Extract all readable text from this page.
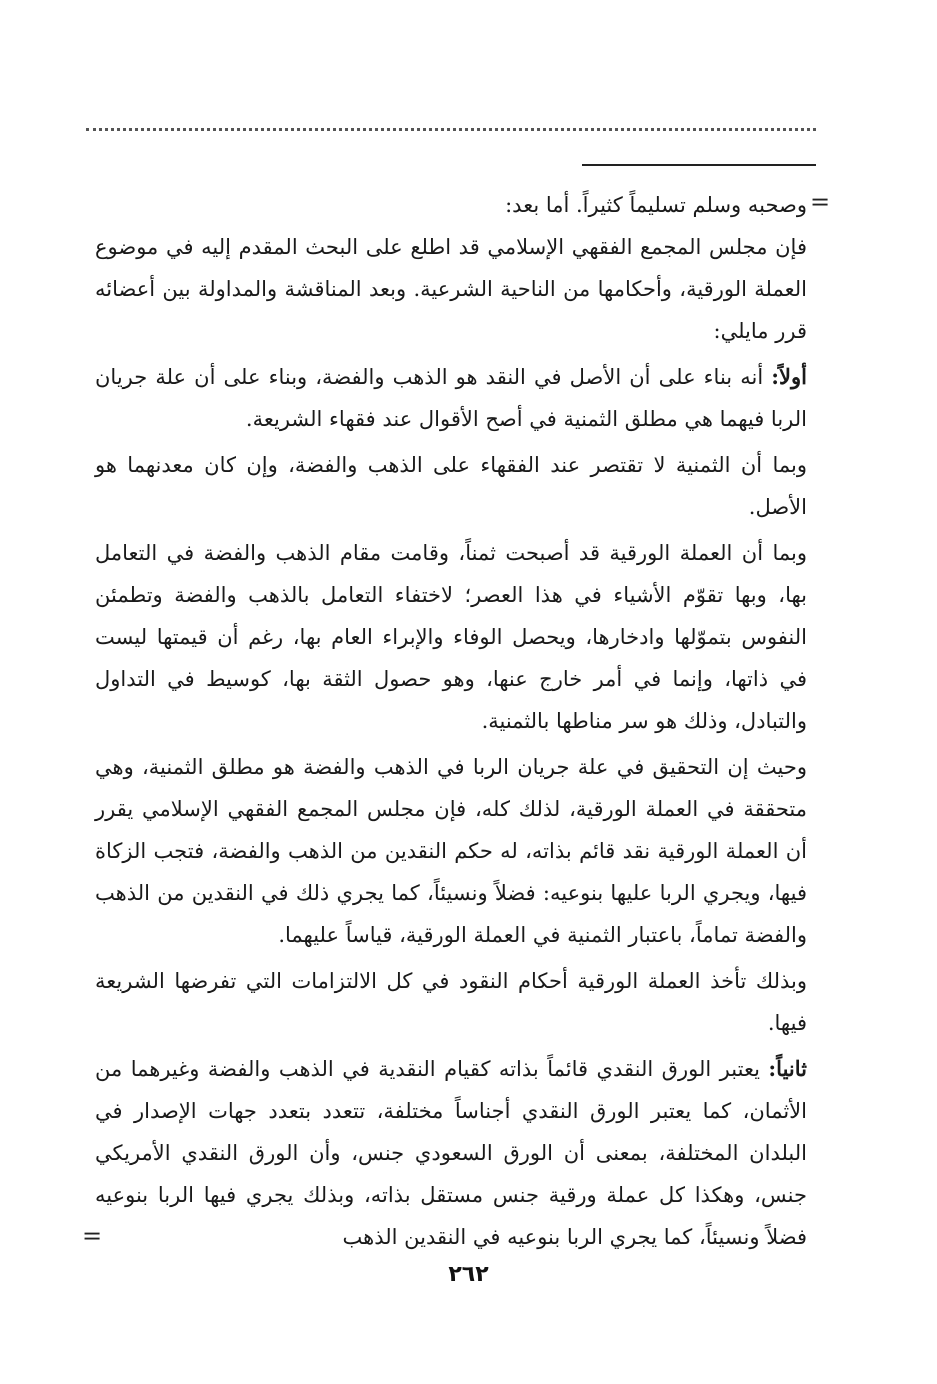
=
=

وصحبه وسلم تسليماً كثيراً. أما بعد:

فإن مجلس المجمع الفقهي الإسلامي قد اطلع على البحث المقدم إليه في موضوع العملة الورقية، وأحكامها من الناحية الشرعية. وبعد المناقشة والمداولة بين أعضائه قرر مايلي:

أولاً: أنه بناء على أن الأصل في النقد هو الذهب والفضة، وبناء على أن علة جريان الربا فيهما هي مطلق الثمنية في أصح الأقوال عند فقهاء الشريعة.

وبما أن الثمنية لا تقتصر عند الفقهاء على الذهب والفضة، وإن كان معدنهما هو الأصل.

وبما أن العملة الورقية قد أصبحت ثمناً، وقامت مقام الذهب والفضة في التعامل بها، وبها تقوّم الأشياء في هذا العصر؛ لاختفاء التعامل بالذهب والفضة وتطمئن النفوس بتموّلها وادخارها، ويحصل الوفاء والإبراء العام بها، رغم أن قيمتها ليست في ذاتها، وإنما في أمر خارج عنها، وهو حصول الثقة بها، كوسيط في التداول والتبادل، وذلك هو سر مناطها بالثمنية.

وحيث إن التحقيق في علة جريان الربا في الذهب والفضة هو مطلق الثمنية، وهي متحققة في العملة الورقية، لذلك كله، فإن مجلس المجمع الفقهي الإسلامي يقرر أن العملة الورقية نقد قائم بذاته، له حكم النقدين من الذهب والفضة، فتجب الزكاة فيها، ويجري الربا عليها بنوعيه: فضلاً ونسيئاً، كما يجري ذلك في النقدين من الذهب والفضة تماماً، باعتبار الثمنية في العملة الورقية، قياساً عليهما.

وبذلك تأخذ العملة الورقية أحكام النقود في كل الالتزامات التي تفرضها الشريعة فيها.

ثانياً: يعتبر الورق النقدي قائماً بذاته كقيام النقدية في الذهب والفضة وغيرهما من الأثمان، كما يعتبر الورق النقدي أجناساً مختلفة، تتعدد بتعدد جهات الإصدار في البلدان المختلفة، بمعنى أن الورق السعودي جنس، وأن الورق النقدي الأمريكي جنس، وهكذا كل عملة ورقية جنس مستقل بذاته، وبذلك يجري فيها الربا بنوعيه فضلاً ونسيئاً، كما يجري الربا بنوعيه في النقدين الذهب

٢٦٢
